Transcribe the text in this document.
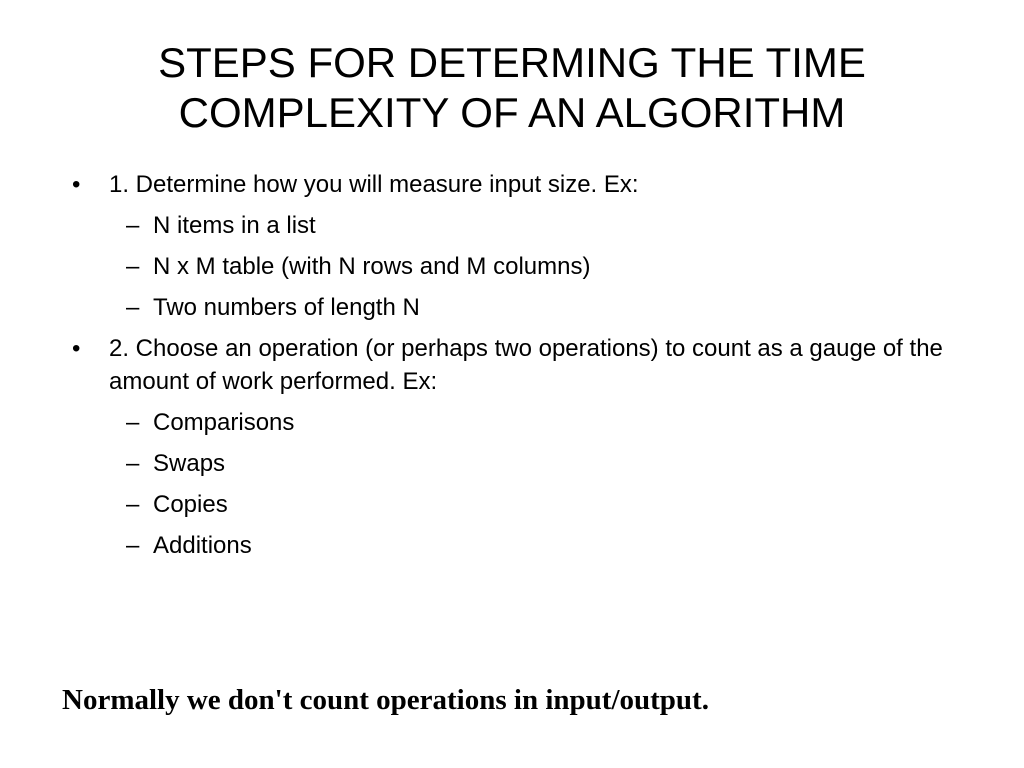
STEPS FOR DETERMING THE TIME
COMPLEXITY OF AN ALGORITHM
• 1. Determine how you will measure input size. Ex:
– N items in a list
– N x M table (with N rows and M columns)
– Two numbers of length N
• 2. Choose an operation (or perhaps two operations) to count as a gauge of the amount of work performed. Ex:
– Comparisons
– Swaps
– Copies
– Additions
Normally we don't count operations in input/output.
